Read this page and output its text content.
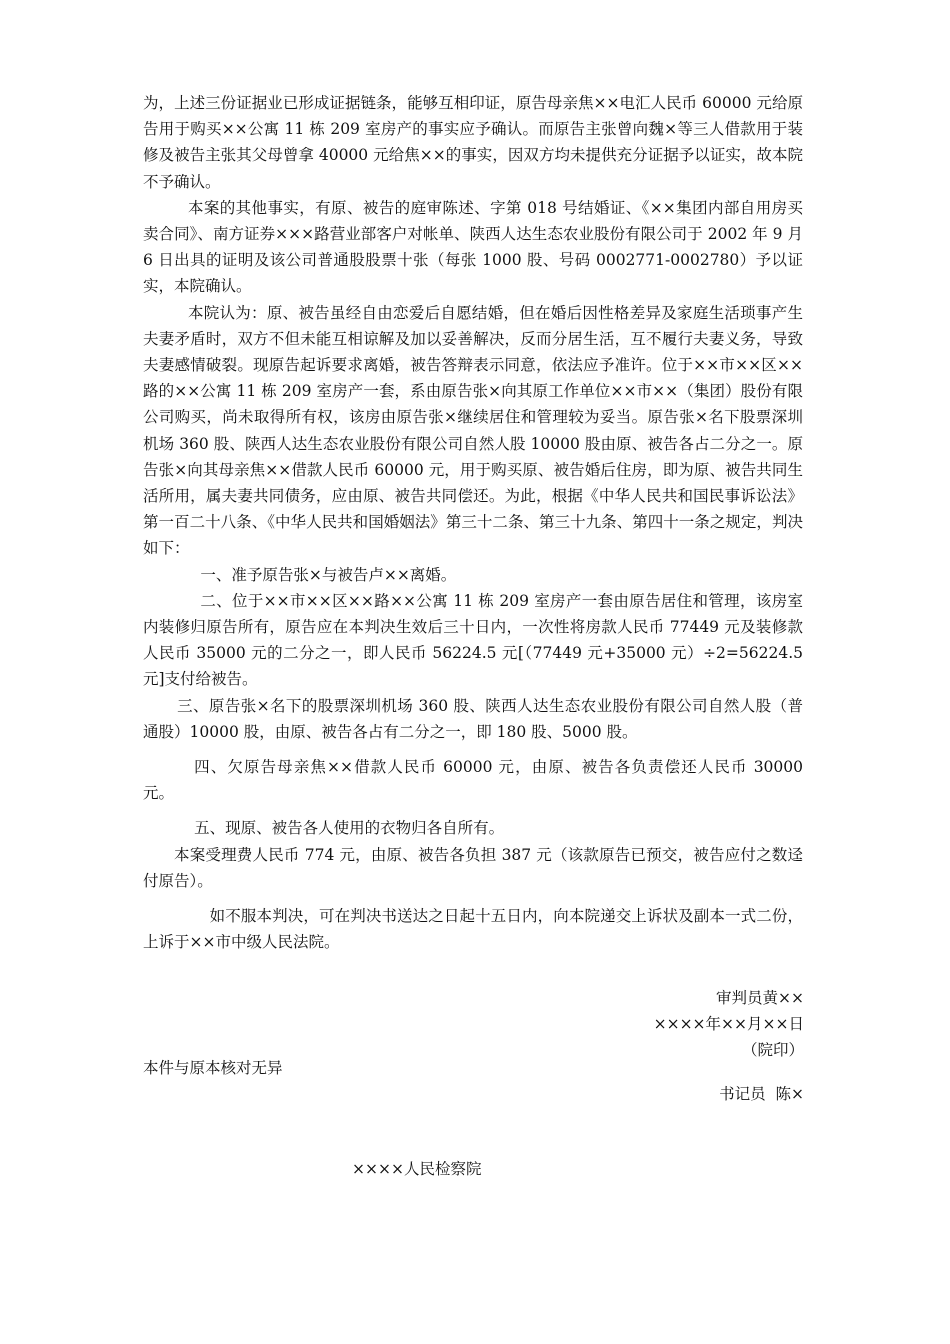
为，上述三份证据业已形成证据链条，能够互相印证，原告母亲焦××电汇人民币 60000 元给原告用于购买××公寓 11 栋 209 室房产的事实应予确认。而原告主张曾向魏×等三人借款用于装修及被告主张其父母曾拿 40000 元给焦××的事实，因双方均未提供充分证据予以证实，故本院不予确认。

本案的其他事实，有原、被告的庭审陈述、字第 018 号结婚证、《××集团内部自用房买卖合同》、南方证券×××路营业部客户对帐单、陕西人达生态农业股份有限公司于 2002 年 9 月 6 日出具的证明及该公司普通股股票十张（每张 1000 股、号码 0002771-0002780）予以证实，本院确认。

本院认为：原、被告虽经自由恋爱后自愿结婚，但在婚后因性格差异及家庭生活琐事产生夫妻矛盾时，双方不但未能互相谅解及加以妥善解决，反而分居生活，互不履行夫妻义务，导致夫妻感情破裂。现原告起诉要求离婚，被告答辩表示同意，依法应予准许。位于××市××区××路的××公寓 11 栋 209 室房产一套，系由原告张×向其原工作单位××市××（集团）股份有限公司购买，尚未取得所有权，该房由原告张×继续居住和管理较为妥当。原告张×名下股票深圳机场 360 股、陕西人达生态农业股份有限公司自然人股 10000 股由原、被告各占二分之一。原告张×向其母亲焦××借款人民币 60000 元，用于购买原、被告婚后住房，即为原、被告共同生活所用，属夫妻共同债务，应由原、被告共同偿还。为此，根据《中华人民共和国民事诉讼法》第一百二十八条、《中华人民共和国婚姻法》第三十二条、第三十九条、第四十一条之规定，判决如下：

一、准予原告张×与被告卢××离婚。

二、位于××市××区××路××公寓 11 栋 209 室房产一套由原告居住和管理，该房室内装修归原告所有，原告应在本判决生效后三十日内，一次性将房款人民币 77449 元及装修款人民币 35000 元的二分之一，即人民币 56224.5 元[（77449 元+35000 元）÷2=56224.5 元]支付给被告。

三、原告张×名下的股票深圳机场 360 股、陕西人达生态农业股份有限公司自然人股（普通股）10000 股，由原、被告各占有二分之一，即 180 股、5000 股。

四、欠原告母亲焦××借款人民币 60000 元，由原、被告各负责偿还人民币 30000 元。

五、现原、被告各人使用的衣物归各自所有。

本案受理费人民币 774 元，由原、被告各负担 387 元（该款原告已预交，被告应付之数迳付原告）。

如不服本判决，可在判决书送达之日起十五日内，向本院递交上诉状及副本一式二份，上诉于××市中级人民法院。

审判员黄××
××××年××月××日
（院印）
本件与原本核对无异
书记员  陈×
××××人民检察院
